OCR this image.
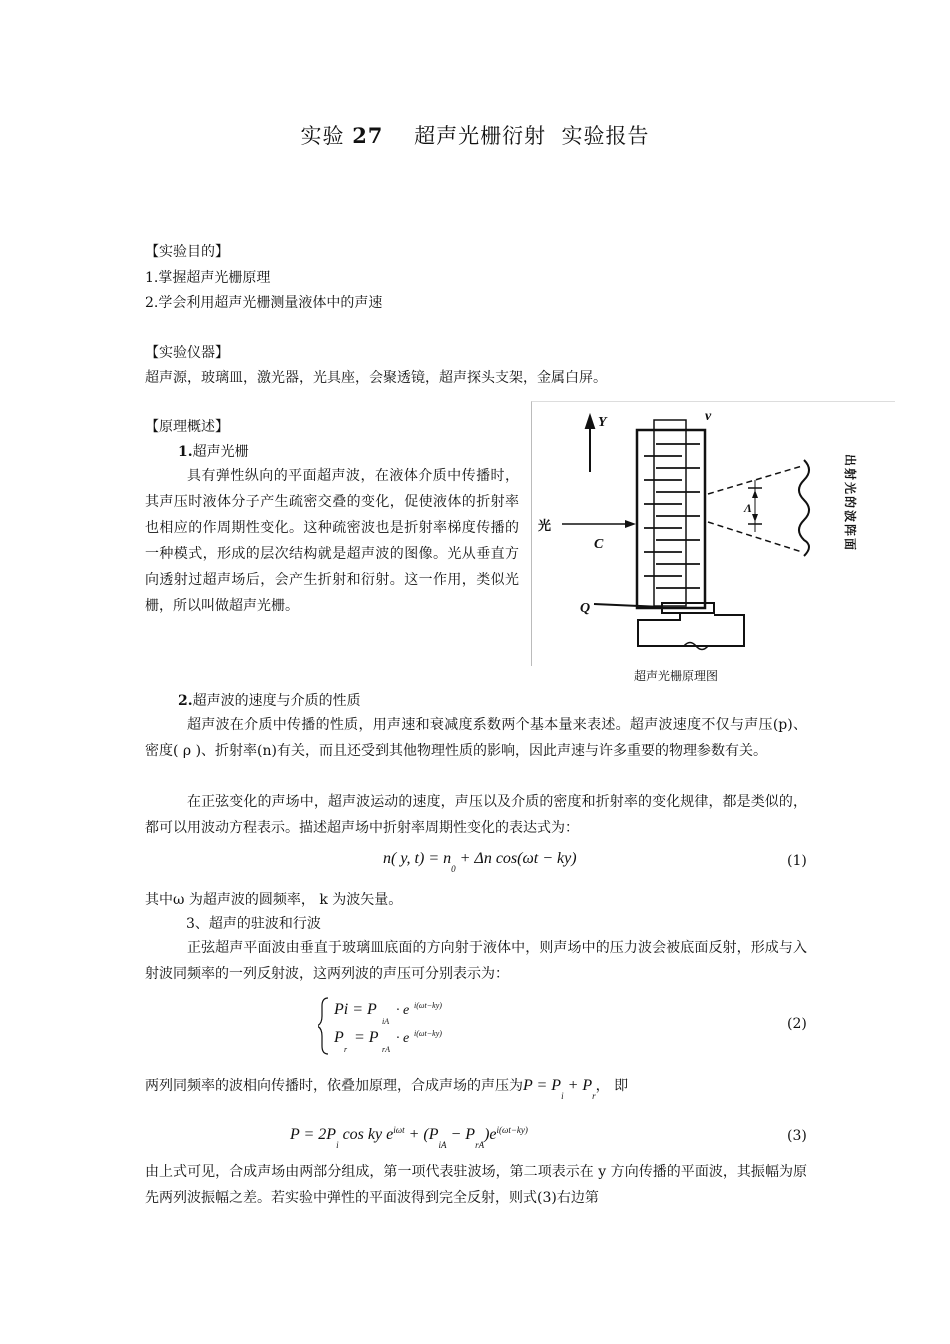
实验 27 超声光栅衍射 实验报告
【实验目的】
1.掌握超声光栅原理
2.学会利用超声光栅测量液体中的声速
【实验仪器】
超声源，玻璃皿，激光器，光具座，会聚透镜，超声探头支架，金属白屏。
【原理概述】
1.超声光栅
具有弹性纵向的平面超声波，在液体介质中传播时，其声压时液体分子产生疏密交叠的变化，促使液体的折射率也相应的作周期性变化。这种疏密波也是折射率梯度传播的一种模式，形成的层次结构就是超声波的图像。光从垂直方向透射过超声场后，会产生折射和衍射。这一作用，类似光栅，所以叫做超声光栅。
Y	v
C
Q
Λ
光	出射光的波阵面
超声光栅原理图
2.超声波的速度与介质的性质
超声波在介质中传播的性质，用声速和衰减度系数两个基本量来表述。超声波速度不仅与声压(p)、密度( ρ )、折射率(n)有关，而且还受到其他物理性质的影响，因此声速与许多重要的物理参数有关。
在正弦变化的声场中，超声波运动的速度，声压以及介质的密度和折射率的变化规律，都是类似的，都可以用波动方程表示。描述超声场中折射率周期性变化的表达式为：
n( y, $t) = n_0 + \Delta n$ cos(ωt − ky)	(1)
其中ω 为超声波的圆频率， k 为波矢量。
3、超声的驻波和行波
正弦超声平面波由垂直于玻璃皿底面的方向射于液体中，则声场中的压力波会被底面反射，形成与入射波同频率的一列反射波，这两列波的声压可分别表示为：
Pi = P
iA
· e i(ωt−ky)
P
r
= P
rA
· e i(ωt−ky)
(2)
两列同频率的波相向传播时，依叠加原理，合成声场的声压为$P = P_i + P_r$， 即
$P = 2P_i$ cos ky $e^{i\omega t} + (P_{iA} - P_{rA})e^{i(\omega t-ky)}$	(3)
由上式可见，合成声场由两部分组成，第一项代表驻波场，第二项表示在 y 方向传播的平面波，其振幅为原先两列波振幅之差。若实验中弹性的平面波得到完全反射，则式(3)右边第
